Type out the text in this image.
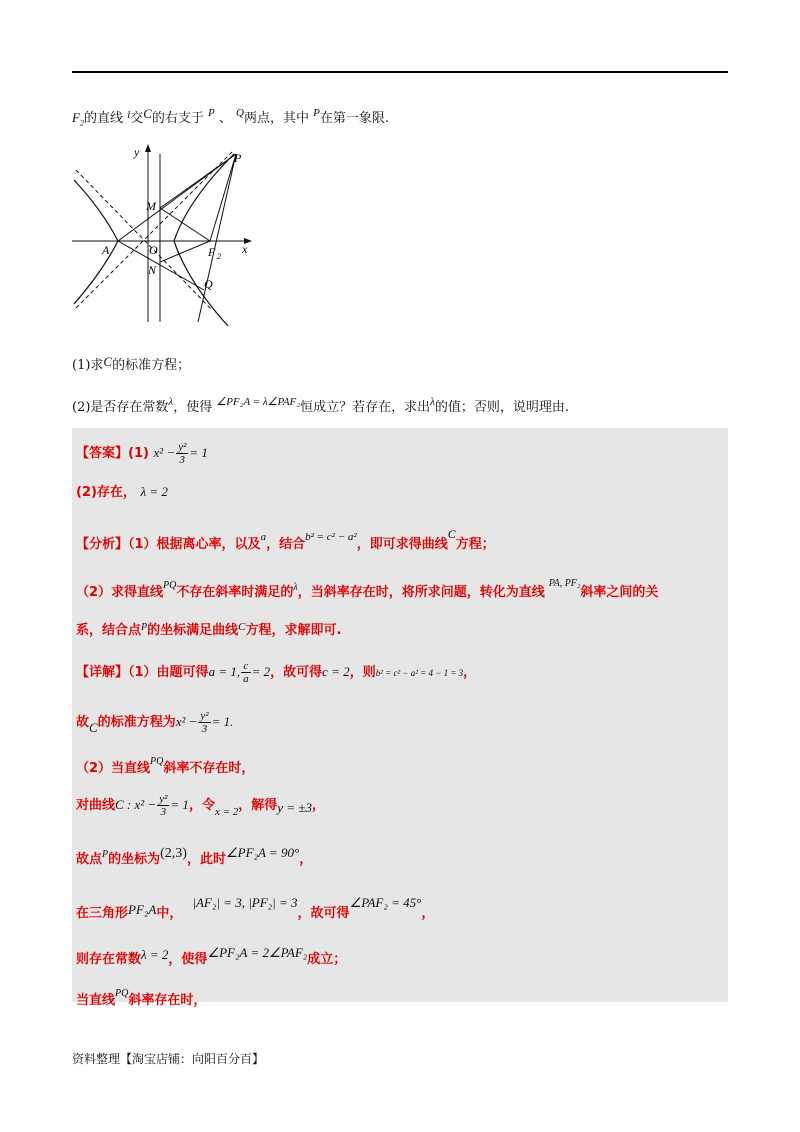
$F_2$的直线 $^l$交C的右支于 $^P$ 、 $^Q$两点，其中 $^P$在第一象限.
y	P
M
A	O	F 2
x
N
Q
(1)求C的标准方程；
(2)是否存在常数$^\lambda$，使得 $^{\angle PF_2A = \lambda\angle PAF_2}$恒成立？若存在，求出$^\lambda$的值；否则，说明理由.
【答案】(1) $x^2 - \frac{\text{y²}}{3} = 1$
(2)存在， λ = 2
【分析】（1）根据离心率，以及$^a$，结合$^{b^2 = c^2 - a^2}$，即可求得曲线C方程；
（2）求得直线$^{PQ}$不存在斜率时满足的$^\lambda$，当斜率存在时，将所求问题，转化为直线$^{PA, PF_2}$斜率之间的关
系，结合点$^P$的坐标满足曲线$^C$方程，求解即可.
【详解】（1）由题可得a = 1, $\frac{c}{a} = 2$，故可得c = 2，则b² = c² − a² = 4 − 1 = 3，
故C的标准方程为$x^2 - \frac{\text{y²}}{3} = 1$.
（2）当直线$^{PQ}$斜率不存在时，
对曲线C : $x^2 - \frac{\text{y²}}{3} = 1$，令$_{x = 2}$，解得y = ±3，
故点$^P$的坐标为(2,3)，此时∠PF₂A = 90°，
在三角形PF₂A中，|AF₂| = 3, |PF₂| = 3，故可得∠PAF₂ = 45°，
则存在常数λ = 2，使得∠PF₂A = 2∠PAF₂成立；
当直线$^{PQ}$斜率存在时，
资料整理【淘宝店铺：向阳百分百】
